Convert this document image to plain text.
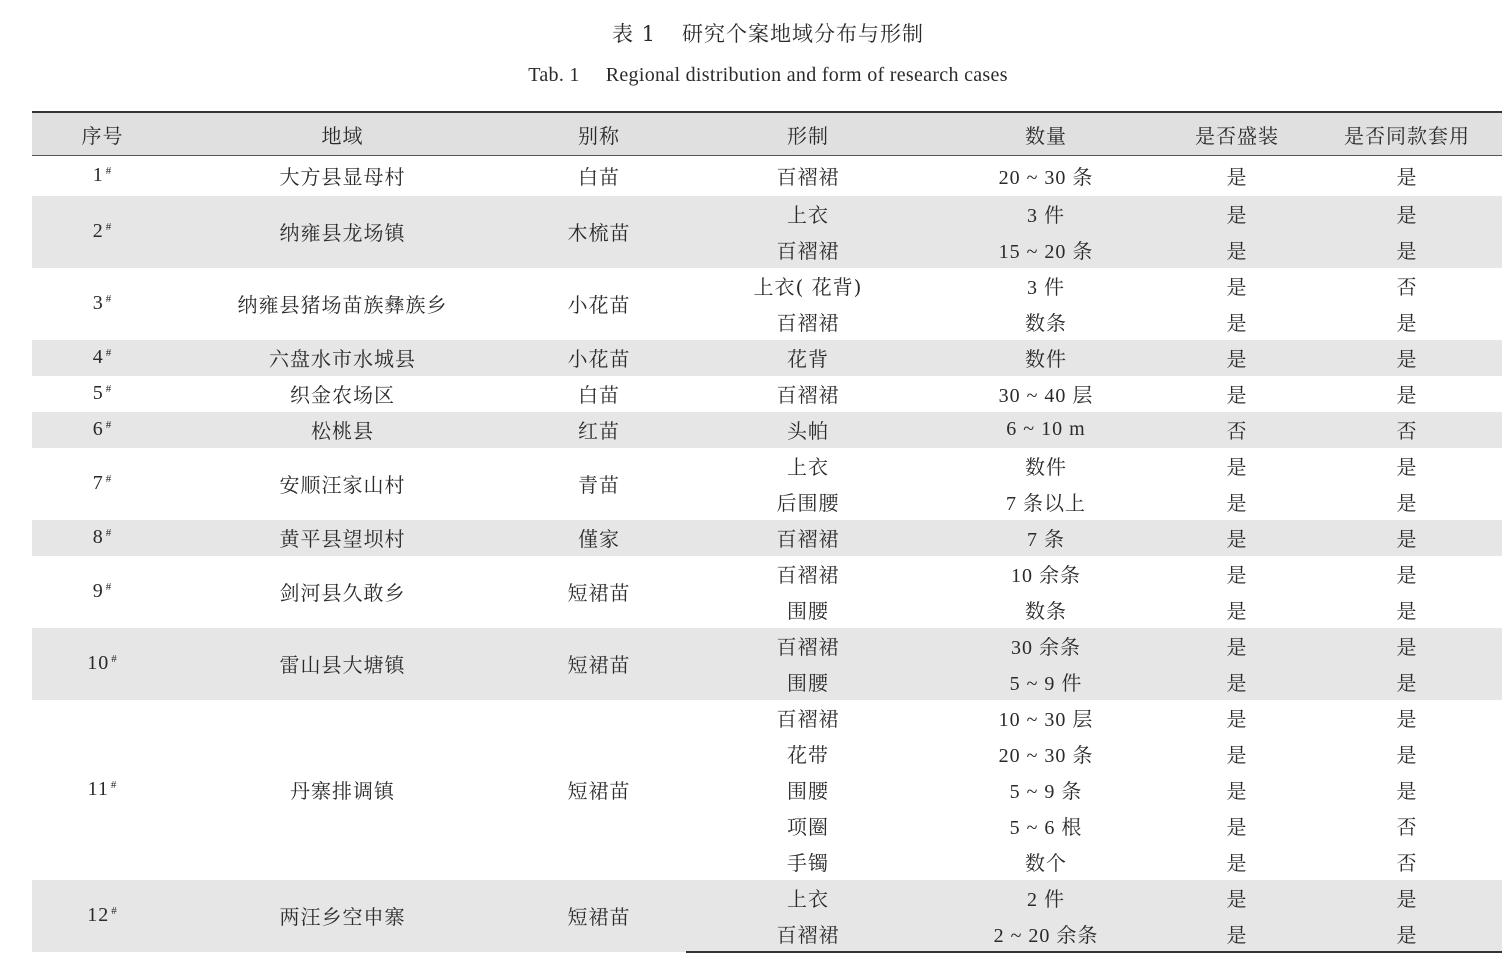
表 1 研究个案地域分布与形制
Tab. 1 Regional distribution and form of research cases
序号	地域	别称	形制	数量	是否盛装	是否同款套用
1 #	大方县显母村	白苗	百褶裙	20 ~ 30 条	是	是
2 #	纳雍县龙场镇	木梳苗	上衣	3 件	是	是
			百褶裙	15 ~ 20 条	是	是
3 #	纳雍县猪场苗族彝族乡	小花苗	上衣( 花背)	3 件	是	否
			百褶裙	数条	是	是
4 #	六盘水市水城县	小花苗	花背	数件	是	是
5 #	织金农场区	白苗	百褶裙	30 ~ 40 层	是	是
6 #	松桃县	红苗	头帕	6 ~ 10 m	否	否
7 #	安顺汪家山村	青苗	上衣	数件	是	是
			后围腰	7 条以上	是	是
8 #	黄平县望坝村	僅家	百褶裙	7 条	是	是
9 #	剑河县久敢乡	短裙苗	百褶裙	10 余条	是	是
			围腰	数条	是	是
10 #	雷山县大塘镇	短裙苗	百褶裙	30 余条	是	是
			围腰	5 ~ 9 件	是	是
11 #	丹寨排调镇	短裙苗	百褶裙	10 ~ 30 层	是	是
			花带	20 ~ 30 条	是	是
			围腰	5 ~ 9 条	是	是
			项圈	5 ~ 6 根	是	否
			手镯	数个	是	否
12 #	两汪乡空申寨	短裙苗	上衣	2 件	是	是
			百褶裙	2 ~ 20 余条	是	是
